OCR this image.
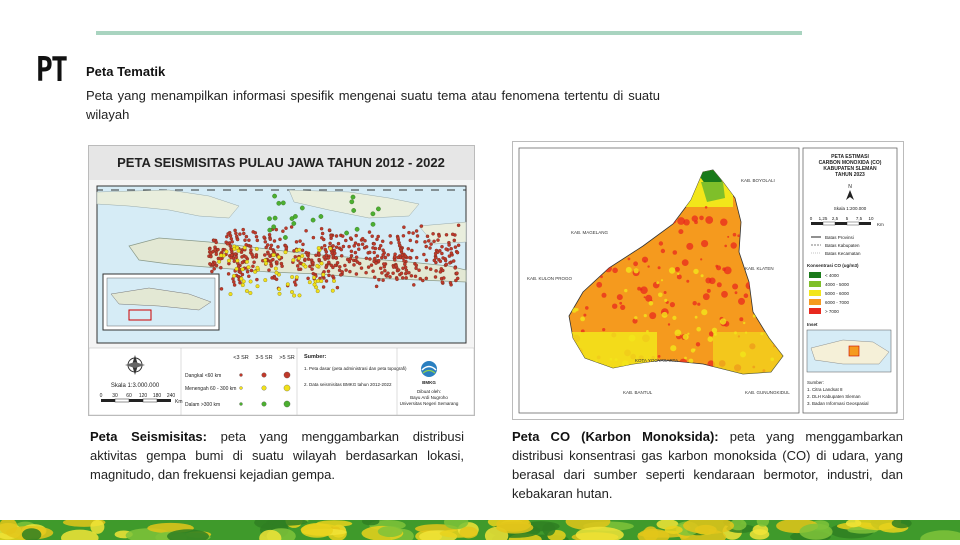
PT Peta Tematik
Peta yang menampilkan informasi spesifik mengenai suatu tema atau fenomena tertentu di suatu wilayah
PETA SEISMISITAS PULAU JAWA TAHUN 2012 - 2022
Skala 1:3.000.000
0 30 60 120 180 240
Km
<3 SR 3-5 SR >5 SR
Dangkal <60 km
Menengah 60 - 300 km
Dalam >300 km
Sumber:
1. Peta dasar (peta administrasi dan peta topografi)
2. Data seismisitas BMKG tahun 2012-2022	BMKG
Dibuat oleh:
Bayu Ardi Nugroho
Universitas Negeri Semarang
KAB. MAGELANG
KAB. BOYOLALI
KAB. KLATEN
KAB. KULON PROGO
KOTA YOGYAKARTA
KAB. BANTUL	KAB. GUNUNGKIDUL
PETA ESTIMASI
CARBON MONOXIDA (CO)
KABUPATEN SLEMAN
TAHUN 2023
N
Skala 1:200.000
0 1,25 2,5 5 7,5 10
Km
Batas Provinsi
Batas Kabupaten
Batas Kecamatan
Konsentrasi CO (ug/m3)
< 4000
4000 - 5000
5000 - 6000
6000 - 7000
> 7000
Inset
Sumber:
1. Citra Landsat 8
2. DLH Kabupaten Sleman
3. Badan Informasi Geospasial
Peta Seismisitas: peta yang menggambarkan distribusi aktivitas gempa bumi di suatu wilayah berdasarkan lokasi, magnitudo, dan frekuensi kejadian gempa.
Peta CO (Karbon Monoksida): peta yang menggambarkan distribusi konsentrasi gas karbon monoksida (CO) di udara, yang berasal dari sumber seperti kendaraan bermotor, industri, dan kebakaran hutan.
